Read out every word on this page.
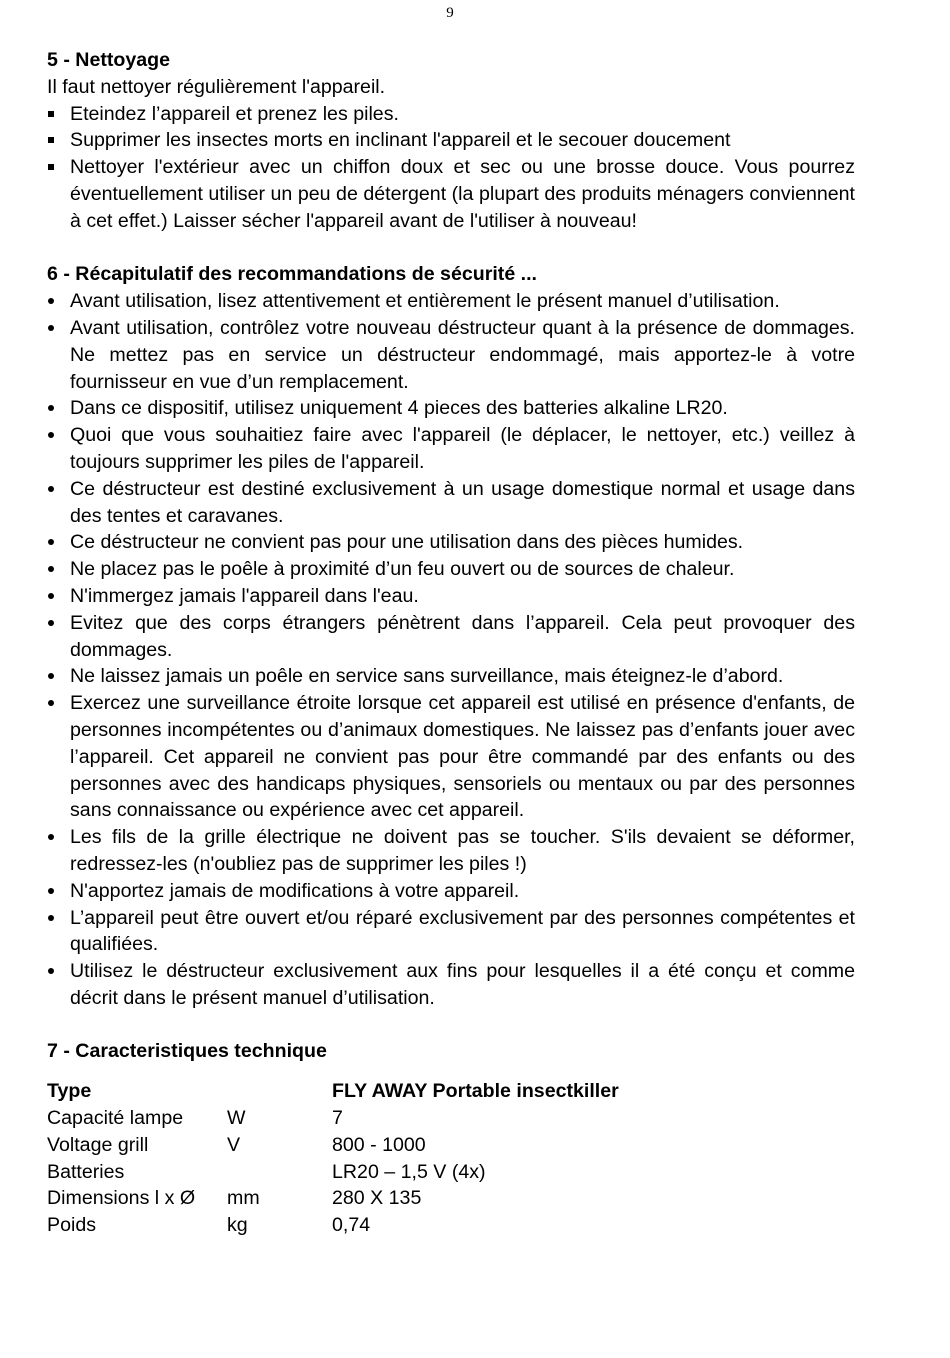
9
5 - Nettoyage

Il faut nettoyer régulièrement l'appareil.

Eteindez l’appareil et prenez les piles.
Supprimer les insectes morts en inclinant l'appareil et le secouer doucement
Nettoyer l'extérieur avec un chiffon doux et sec ou une brosse douce. Vous pourrez éventuellement utiliser un peu de détergent (la plupart des produits ménagers conviennent à cet effet.) Laisser sécher l'appareil avant de l'utiliser à nouveau!
6 - Récapitulatif des recommandations de sécurité ...
Avant utilisation, lisez attentivement et entièrement le présent manuel d’utilisation.
Avant utilisation, contrôlez votre nouveau déstructeur quant à la présence de dommages. Ne mettez pas en service un déstructeur endommagé, mais apportez-le à votre fournisseur en vue d’un remplacement.
Dans ce dispositif, utilisez uniquement 4 pieces des batteries alkaline LR20.
Quoi que vous souhaitiez faire avec l'appareil (le déplacer, le nettoyer, etc.) veillez à toujours supprimer les piles de l'appareil.
Ce déstructeur est destiné exclusivement à un usage domestique normal et usage dans des tentes et caravanes.
Ce déstructeur ne convient pas pour une utilisation dans des pièces humides.
Ne placez pas le poêle à proximité d’un feu ouvert ou de sources de chaleur.
N'immergez jamais l'appareil dans l'eau.
Evitez que des corps étrangers pénètrent dans l’appareil. Cela peut provoquer des dommages.
Ne laissez jamais un poêle en service sans surveillance, mais éteignez-le d’abord.
Exercez une surveillance étroite lorsque cet appareil est utilisé en présence d'enfants, de personnes incompétentes ou d’animaux domestiques. Ne laissez pas d’enfants jouer avec l’appareil. Cet appareil ne convient pas pour être commandé par des enfants ou des personnes avec des handicaps physiques, sensoriels ou mentaux ou par des personnes sans connaissance ou expérience avec cet appareil.
Les fils de la grille électrique ne doivent pas se toucher. S'ils devaient se déformer, redressez-les (n'oubliez pas de supprimer les piles !)
N'apportez jamais de modifications à votre appareil.
L’appareil peut être ouvert et/ou réparé exclusivement par des personnes compétentes et qualifiées.
Utilisez le déstructeur exclusivement aux fins pour lesquelles il a été conçu et comme décrit dans le présent manuel d’utilisation.
7 - Caracteristiques technique
Type		FLY AWAY Portable insectkiller
Capacité lampe	W	7
Voltage grill	V	800 - 1000
Batteries		LR20 – 1,5 V (4x)
Dimensions l x Ø	mm	280 X 135
Poids	kg	0,74
